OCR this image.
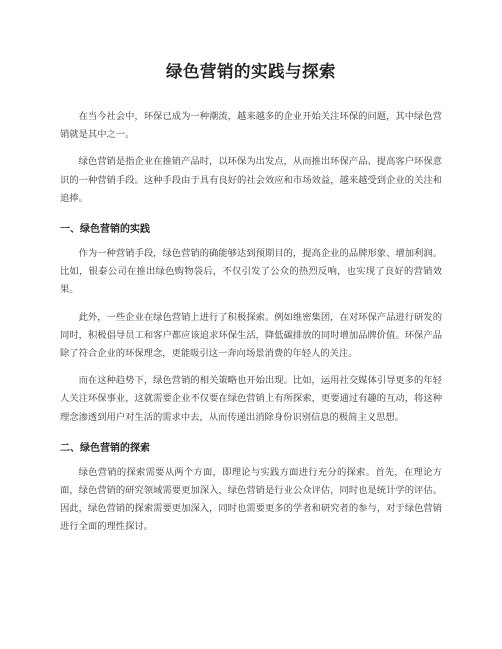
绿色营销的实践与探索

在当今社会中，环保已成为一种潮流，越来越多的企业开始关注环保的问题，其中绿色营销就是其中之一。

绿色营销是指企业在推销产品时，以环保为出发点，从而推出环保产品、提高客户环保意识的一种营销手段。这种手段由于具有良好的社会效应和市场效益，越来越受到企业的关注和追捧。

一、绿色营销的实践

作为一种营销手段，绿色营销的确能够达到预期目的，提高企业的品牌形象、增加利润。比如，银泰公司在推出绿色购物袋后，不仅引发了公众的热烈反响，也实现了良好的营销效果。

此外，一些企业在绿色营销上进行了积极探索。例如维密集团，在对环保产品进行研发的同时，积极倡导员工和客户都应该追求环保生活，降低碳排放的同时增加品牌价值。环保产品除了符合企业的环保理念，更能吸引这一奔向场景消费的年轻人的关注。

而在这种趋势下，绿色营销的相关策略也开始出现。比如，运用社交媒体引导更多的年轻人关注环保事业，这就需要企业不仅要在绿色营销上有所探索，更要通过有趣的互动，将这种理念渗透到用户对生活的需求中去，从而传递出消除身份识别信息的极简主义思想。

二、绿色营销的探索

绿色营销的探索需要从两个方面，即理论与实践方面进行充分的探索。首先，在理论方面，绿色营销的研究领域需要更加深入，绿色营销是行业公众评估，同时也是统计学的评估。因此，绿色营销的探索需要更加深入，同时也需要更多的学者和研究者的参与，对于绿色营销进行全面的理性探讨。
